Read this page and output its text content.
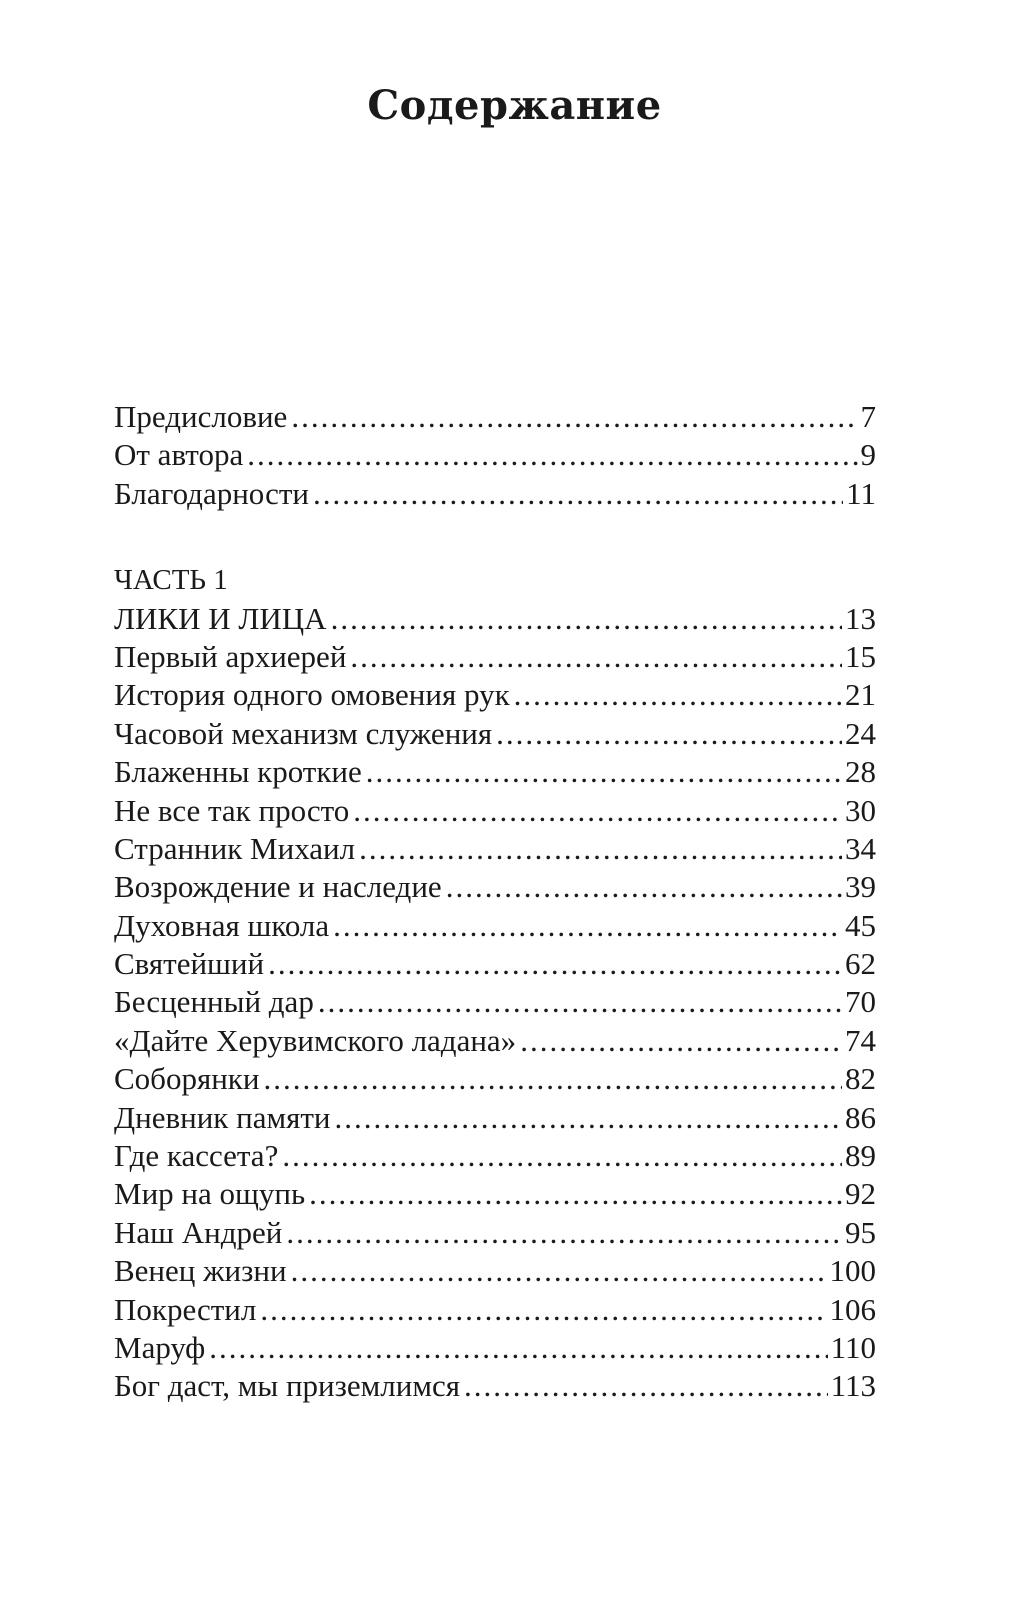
Содержание
Предисловие .....	7
От автора .....	9
Благодарности .....	11
ЧАСТЬ 1
ЛИКИ И ЛИЦА .....	13
Первый архиерей .....	15
История одного омовения рук .....	21
Часовой механизм служения .....	24
Блаженны кроткие .....	28
Не все так просто .....	30
Странник Михаил .....	34
Возрождение и наследие .....	39
Духовная школа .....	45
Святейший .....	62
Бесценный дар .....	70
«Дайте Херувимского ладана» .....	74
Соборянки .....	82
Дневник памяти .....	86
Где кассета? .....	89
Мир на ощупь .....	92
Наш Андрей .....	95
Венец жизни .....	100
Покрестил .....	106
Маруф .....	110
Бог даст, мы приземлимся .....	113
